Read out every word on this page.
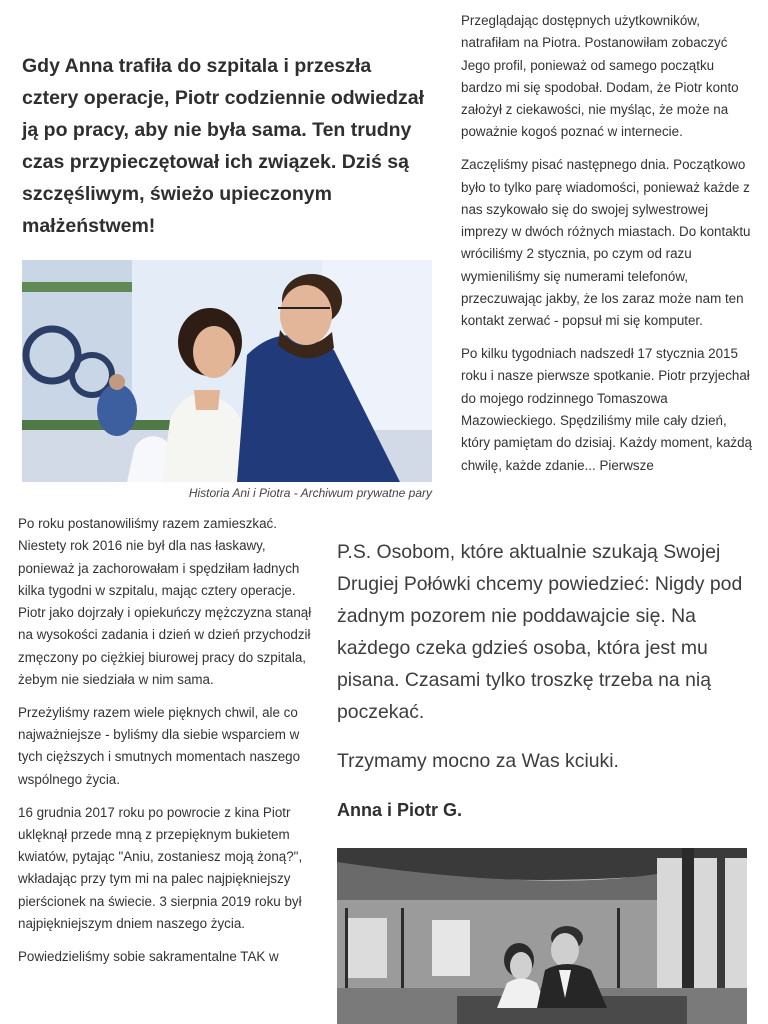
Gdy Anna trafiła do szpitala i przeszła cztery operacje, Piotr codziennie odwiedzał ją po pracy, aby nie była sama. Ten trudny czas przypieczętował ich związek. Dziś są szczęśliwym, świeżo upieczonym małżeństwem!
Historia Ani i Piotra - Archiwum prywatne pary

Przeglądając dostępnych użytkowników, natrafiłam na Piotra. Postanowiłam zobaczyć Jego profil, ponieważ od samego początku bardzo mi się spodobał. Dodam, że Piotr konto założył z ciekawości, nie myśląc, że może na poważnie kogoś poznać w internecie.

Zaczęliśmy pisać następnego dnia. Początkowo było to tylko parę wiadomości, ponieważ każde z nas szykowało się do swojej sylwestrowej imprezy w dwóch różnych miastach. Do kontaktu wróciliśmy 2 stycznia, po czym od razu wymieniliśmy się numerami telefonów, przeczuwając jakby, że los zaraz może nam ten kontakt zerwać - popsuł mi się komputer.

Po kilku tygodniach nadszedł 17 stycznia 2015 roku i nasze pierwsze spotkanie. Piotr przyjechał do mojego rodzinnego Tomaszowa Mazowieckiego. Spędziliśmy mile cały dzień, który pamiętam do dzisiaj. Każdy moment, każdą chwilę, każde zdanie... Pierwsze

Po roku postanowiliśmy razem zamieszkać. Niestety rok 2016 nie był dla nas łaskawy, ponieważ ja zachorowałam i spędziłam ładnych kilka tygodni w szpitalu, mając cztery operacje. Piotr jako dojrzały i opiekuńczy mężczyzna stanął na wysokości zadania i dzień w dzień przychodził zmęczony po ciężkiej biurowej pracy do szpitala, żebym nie siedziała w nim sama.

Przeżyliśmy razem wiele pięknych chwil, ale co najważniejsze - byliśmy dla siebie wsparciem w tych cięższych i smutnych momentach naszego wspólnego życia.

16 grudnia 2017 roku po powrocie z kina Piotr uklęknął przede mną z przepięknym bukietem kwiatów, pytając "Aniu, zostaniesz moją żoną?", wkładając przy tym mi na palec najpiękniejszy pierścionek na świecie. 3 sierpnia 2019 roku był najpiękniejszym dniem naszego życia.

Powiedzieliśmy sobie sakramentalne TAK w

P.S. Osobom, które aktualnie szukają Swojej Drugiej Połówki chcemy powiedzieć: Nigdy pod żadnym pozorem nie poddawajcie się. Na każdego czeka gdzieś osoba, która jest mu pisana. Czasami tylko troszkę trzeba na nią poczekać.

Trzymamy mocno za Was kciuki.

Anna i Piotr G.
